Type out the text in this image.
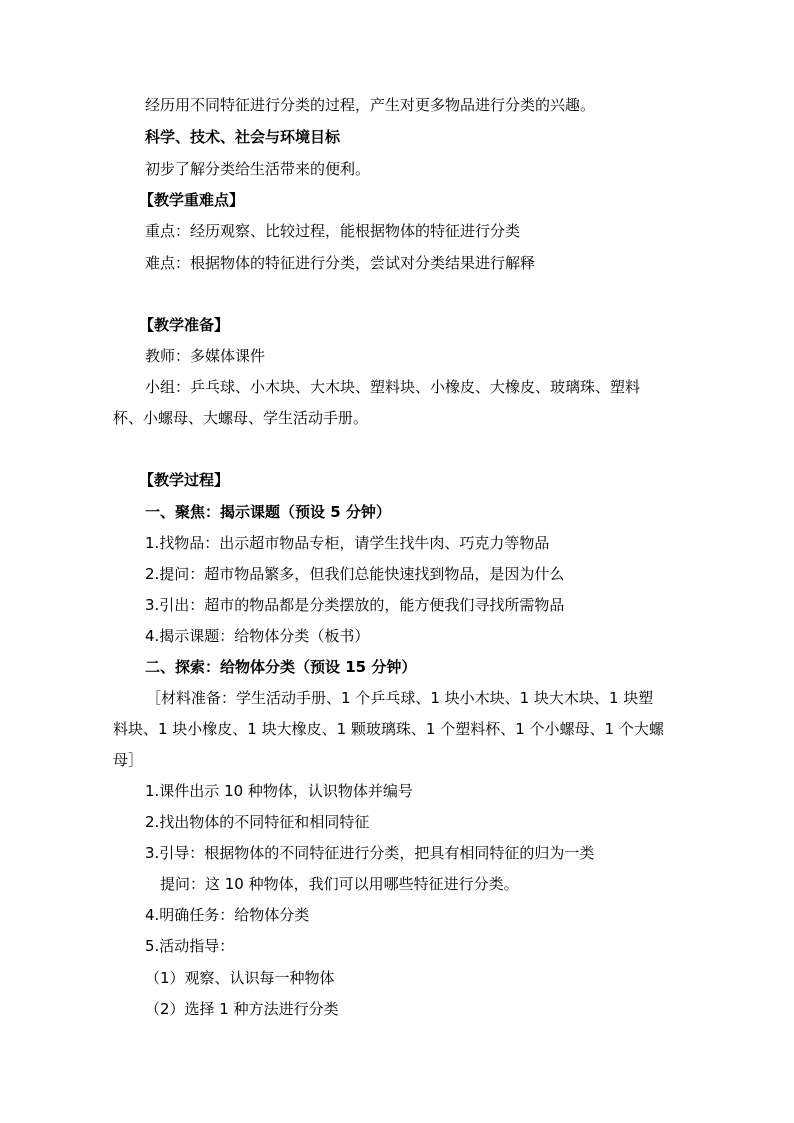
经历用不同特征进行分类的过程，产生对更多物品进行分类的兴趣。
科学、技术、社会与环境目标
初步了解分类给生活带来的便利。
【教学重难点】
重点：经历观察、比较过程，能根据物体的特征进行分类
难点：根据物体的特征进行分类，尝试对分类结果进行解释
【教学准备】
教师：多媒体课件
小组：乒乓球、小木块、大木块、塑料块、小橡皮、大橡皮、玻璃珠、塑料
杯、小螺母、大螺母、学生活动手册。
【教学过程】
一、聚焦：揭示课题（预设 5 分钟）
1.找物品：出示超市物品专柜，请学生找牛肉、巧克力等物品
2.提问：超市物品繁多，但我们总能快速找到物品，是因为什么
3.引出：超市的物品都是分类摆放的，能方便我们寻找所需物品
4.揭示课题：给物体分类（板书）
二、探索：给物体分类（预设 15 分钟）
［材料准备：学生活动手册、1 个乒乓球、1 块小木块、1 块大木块、1 块塑
料块、1 块小橡皮、1 块大橡皮、1 颗玻璃珠、1 个塑料杯、1 个小螺母、1 个大螺
母］
1.课件出示 10 种物体，认识物体并编号
2.找出物体的不同特征和相同特征
3.引导：根据物体的不同特征进行分类，把具有相同特征的归为一类
提问：这 10 种物体，我们可以用哪些特征进行分类。
4.明确任务：给物体分类
5.活动指导：
（1）观察、认识每一种物体
（2）选择 1 种方法进行分类
